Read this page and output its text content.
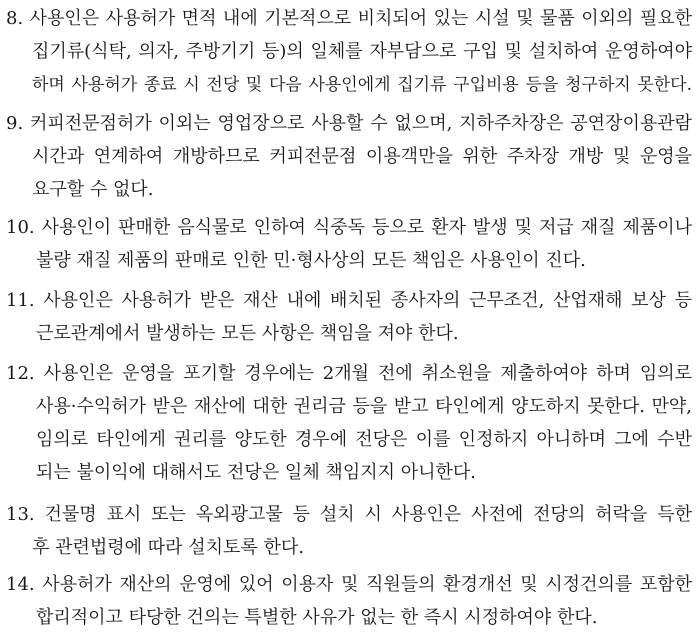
8. 사용인은 사용허가 면적 내에 기본적으로 비치되어 있는 시설 및 물품 이외의 필요한
집기류(식탁, 의자, 주방기기 등)의 일체를 자부담으로 구입 및 설치하여 운영하여야
하며 사용허가 종료 시 전당 및 다음 사용인에게 집기류 구입비용 등을 청구하지 못한다.
9. 커피전문점허가 이외는 영업장으로 사용할 수 없으며, 지하주차장은 공연장이용관람
시간과 연계하여 개방하므로 커피전문점 이용객만을 위한 주차장 개방 및 운영을
요구할 수 없다.
10. 사용인이 판매한 음식물로 인하여 식중독 등으로 환자 발생 및 저급 재질 제품이나
불량 재질 제품의 판매로 인한 민·형사상의 모든 책임은 사용인이 진다.
11. 사용인은 사용허가 받은 재산 내에 배치된 종사자의 근무조건, 산업재해 보상 등
근로관계에서 발생하는 모든 사항은 책임을 져야 한다.
12. 사용인은 운영을 포기할 경우에는 2개월 전에 취소원을 제출하여야 하며 임의로
사용·수익허가 받은 재산에 대한 권리금 등을 받고 타인에게 양도하지 못한다. 만약,
임의로 타인에게 권리를 양도한 경우에 전당은 이를 인정하지 아니하며 그에 수반
되는 불이익에 대해서도 전당은 일체 책임지지 아니한다.
13. 건물명 표시 또는 옥외광고물 등 설치 시 사용인은 사전에 전당의 허락을 득한
후 관련법령에 따라 설치토록 한다.
14. 사용허가 재산의 운영에 있어 이용자 및 직원들의 환경개선 및 시정건의를 포함한
합리적이고 타당한 건의는 특별한 사유가 없는 한 즉시 시정하여야 한다.
